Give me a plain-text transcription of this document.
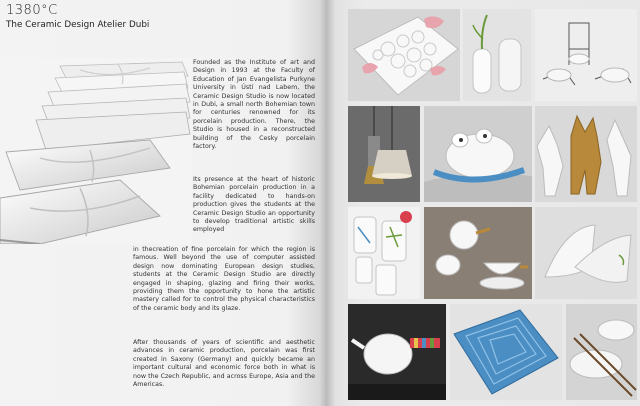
1380°C
The Ceramic Design Atelier Dubi
Founded as the Institute of art and Design in 1993 at the Faculty of Education of Jan Evangelista Purkyne University in Ústí nad Labem, the Ceramic Design Studio is now located in Dubi, a small north Bohemian town for centuries renowned for its porcelain production. There, the Studio is housed in a reconstructed building of the Cesky porcelain factory.
Its presence at the heart of historic Bohemian porcelain production in a facility dedicated to hands-on production gives the students at the Ceramic Design Studio an opportunity to develop traditional artistic skills employed
in thecreation of fine porcelain for which the region is famous. Well beyond the use of computer assisted design now dominating European design studies, students at the Ceramic Design Studio are directly engaged in shaping, glazing and firing their works, providing them the opportunity to hone the artistic mastery called for to control the physical characteristics of the ceramic body and its glaze.
After thousands of years of scientific and aesthetic advances in ceramic production, porcelain was first created in Saxony (Germany) and quickly became an important cultural and economic force both in what is now the Czech Republic, and across Europe, Asia and the Americas.
